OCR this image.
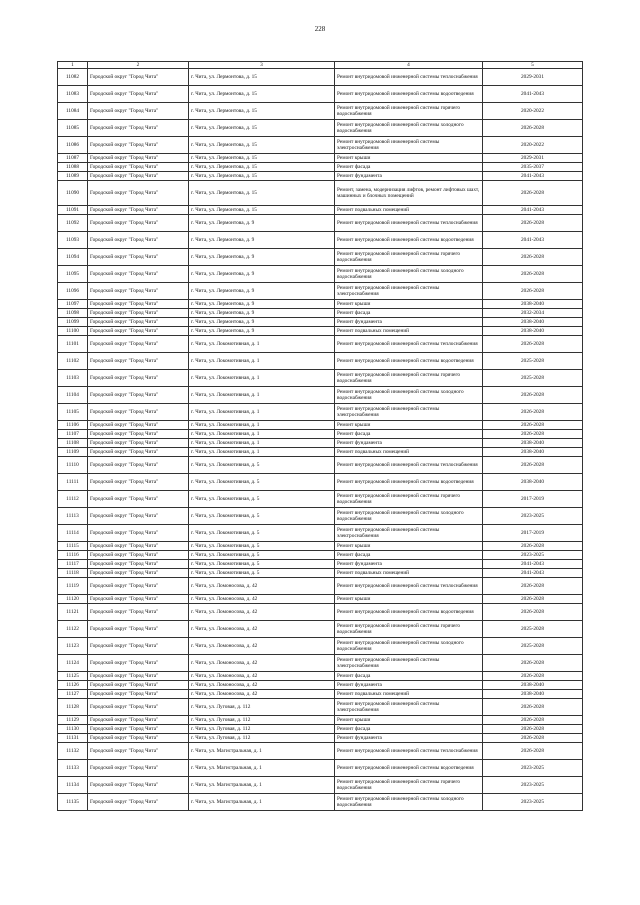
228
1	2	3	4	5
11082	Городской округ "Город Чита"	г. Чита, ул. Лермонтова, д. 15	Ремонт внутридомовой инженерной системы теплоснабжения	2029-2031
11083	Городской округ "Город Чита"	г. Чита, ул. Лермонтова, д. 15	Ремонт внутридомовой инженерной системы водоотведения	2041-2043
11084	Городской округ "Город Чита"	г. Чита, ул. Лермонтова, д. 15	Ремонт внутридомовой инженерной системы горячего водоснабжения	2020-2022
11085	Городской округ "Город Чита"	г. Чита, ул. Лермонтова, д. 15	Ремонт внутридомовой инженерной системы холодного водоснабжения	2026-2028
11086	Городской округ "Город Чита"	г. Чита, ул. Лермонтова, д. 15	Ремонт внутридомовой инженерной системы электроснабжения	2020-2022
11087	Городской округ "Город Чита"	г. Чита, ул. Лермонтова, д. 15	Ремонт крыши	2029-2031
11088	Городской округ "Город Чита"	г. Чита, ул. Лермонтова, д. 15	Ремонт фасада	2035-2037
11089	Городской округ "Город Чита"	г. Чита, ул. Лермонтова, д. 15	Ремонт фундамента	2041-2043
11090	Городской округ "Город Чита"	г. Чита, ул. Лермонтова, д. 15	Ремонт, замена, модернизация лифтов, ремонт лифтовых шахт, машинных и блочных помещений	2026-2028
11091	Городской округ "Город Чита"	г. Чита, ул. Лермонтова, д. 15	Ремонт подвальных помещений	2041-2043
11092	Городской округ "Город Чита"	г. Чита, ул. Лермонтова, д. 9	Ремонт внутридомовой инженерной системы теплоснабжения	2026-2028
11093	Городской округ "Город Чита"	г. Чита, ул. Лермонтова, д. 9	Ремонт внутридомовой инженерной системы водоотведения	2041-2043
11094	Городской округ "Город Чита"	г. Чита, ул. Лермонтова, д. 9	Ремонт внутридомовой инженерной системы горячего водоснабжения	2026-2028
11095	Городской округ "Город Чита"	г. Чита, ул. Лермонтова, д. 9	Ремонт внутридомовой инженерной системы холодного водоснабжения	2026-2028
11096	Городской округ "Город Чита"	г. Чита, ул. Лермонтова, д. 9	Ремонт внутридомовой инженерной системы электроснабжения	2026-2028
11097	Городской округ "Город Чита"	г. Чита, ул. Лермонтова, д. 9	Ремонт крыши	2038-2040
11098	Городской округ "Город Чита"	г. Чита, ул. Лермонтова, д. 9	Ремонт фасада	2032-2034
11099	Городской округ "Город Чита"	г. Чита, ул. Лермонтова, д. 9	Ремонт фундамента	2038-2040
11100	Городской округ "Город Чита"	г. Чита, ул. Лермонтова, д. 9	Ремонт подвальных помещений	2038-2040
11101	Городской округ "Город Чита"	г. Чита, ул. Локомотивная, д. 1	Ремонт внутридомовой инженерной системы теплоснабжения	2026-2028
11102	Городской округ "Город Чита"	г. Чита, ул. Локомотивная, д. 1	Ремонт внутридомовой инженерной системы водоотведения	2025-2028
11103	Городской округ "Город Чита"	г. Чита, ул. Локомотивная, д. 1	Ремонт внутридомовой инженерной системы горячего водоснабжения	2025-2028
11104	Городской округ "Город Чита"	г. Чита, ул. Локомотивная, д. 1	Ремонт внутридомовой инженерной системы холодного водоснабжения	2026-2028
11105	Городской округ "Город Чита"	г. Чита, ул. Локомотивная, д. 1	Ремонт внутридомовой инженерной системы электроснабжения	2026-2028
11106	Городской округ "Город Чита"	г. Чита, ул. Локомотивная, д. 1	Ремонт крыши	2026-2028
11107	Городской округ "Город Чита"	г. Чита, ул. Локомотивная, д. 1	Ремонт фасада	2026-2028
11108	Городской округ "Город Чита"	г. Чита, ул. Локомотивная, д. 1	Ремонт фундамента	2038-2040
11109	Городской округ "Город Чита"	г. Чита, ул. Локомотивная, д. 1	Ремонт подвальных помещений	2038-2040
11110	Городской округ "Город Чита"	г. Чита, ул. Локомотивная, д. 5	Ремонт внутридомовой инженерной системы теплоснабжения	2026-2028
11111	Городской округ "Город Чита"	г. Чита, ул. Локомотивная, д. 5	Ремонт внутридомовой инженерной системы водоотведения	2038-2040
11112	Городской округ "Город Чита"	г. Чита, ул. Локомотивная, д. 5	Ремонт внутридомовой инженерной системы горячего водоснабжения	2017-2019
11113	Городской округ "Город Чита"	г. Чита, ул. Локомотивная, д. 5	Ремонт внутридомовой инженерной системы холодного водоснабжения	2023-2025
11114	Городской округ "Город Чита"	г. Чита, ул. Локомотивная, д. 5	Ремонт внутридомовой инженерной системы электроснабжения	2017-2019
11115	Городской округ "Город Чита"	г. Чита, ул. Локомотивная, д. 5	Ремонт крыши	2026-2028
11116	Городской округ "Город Чита"	г. Чита, ул. Локомотивная, д. 5	Ремонт фасада	2023-2025
11117	Городской округ "Город Чита"	г. Чита, ул. Локомотивная, д. 5	Ремонт фундамента	2041-2043
11118	Городской округ "Город Чита"	г. Чита, ул. Локомотивная, д. 5	Ремонт подвальных помещений	2041-2043
11119	Городской округ "Город Чита"	г. Чита, ул. Ломоносова, д. 42	Ремонт внутридомовой инженерной системы теплоснабжения	2026-2028
11120	Городской округ "Город Чита"	г. Чита, ул. Ломоносова, д. 42	Ремонт крыши	2026-2028
11121	Городской округ "Город Чита"	г. Чита, ул. Ломоносова, д. 42	Ремонт внутридомовой инженерной системы водоотведения	2026-2028
11122	Городской округ "Город Чита"	г. Чита, ул. Ломоносова, д. 42	Ремонт внутридомовой инженерной системы горячего водоснабжения	2025-2028
11123	Городской округ "Город Чита"	г. Чита, ул. Ломоносова, д. 42	Ремонт внутридомовой инженерной системы холодного водоснабжения	2025-2028
11124	Городской округ "Город Чита"	г. Чита, ул. Ломоносова, д. 42	Ремонт внутридомовой инженерной системы электроснабжения	2026-2028
11125	Городской округ "Город Чита"	г. Чита, ул. Ломоносова, д. 42	Ремонт фасада	2026-2028
11126	Городской округ "Город Чита"	г. Чита, ул. Ломоносова, д. 42	Ремонт фундамента	2038-2040
11127	Городской округ "Город Чита"	г. Чита, ул. Ломоносова, д. 42	Ремонт подвальных помещений	2038-2040
11128	Городской округ "Город Чита"	г. Чита, ул. Луговая, д. 112	Ремонт внутридомовой инженерной системы электроснабжения	2026-2028
11129	Городской округ "Город Чита"	г. Чита, ул. Луговая, д. 112	Ремонт крыши	2026-2028
11130	Городской округ "Город Чита"	г. Чита, ул. Луговая, д. 112	Ремонт фасада	2026-2028
11131	Городской округ "Город Чита"	г. Чита, ул. Луговая, д. 112	Ремонт фундамента	2026-2028
11132	Городской округ "Город Чита"	г. Чита, ул. Магистральная, д. 1	Ремонт внутридомовой инженерной системы теплоснабжения	2026-2028
11133	Городской округ "Город Чита"	г. Чита, ул. Магистральная, д. 1	Ремонт внутридомовой инженерной системы водоотведения	2023-2025
11134	Городской округ "Город Чита"	г. Чита, ул. Магистральная, д. 1	Ремонт внутридомовой инженерной системы горячего водоснабжения	2023-2025
11135	Городской округ "Город Чита"	г. Чита, ул. Магистральная, д. 1	Ремонт внутридомовой инженерной системы холодного водоснабжения	2023-2025
